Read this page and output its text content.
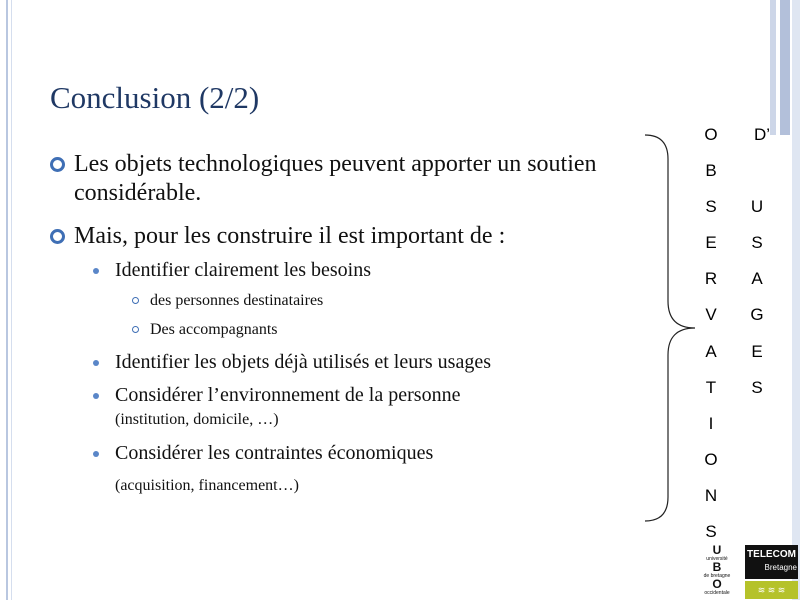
Conclusion (2/2)
Les objets technologiques peuvent apporter un soutien considérable.
Mais, pour les construire il est important de :
Identifier clairement les besoins
des personnes destinataires
Des accompagnants
Identifier les objets déjà utilisés et leurs usages
Considérer l’environnement de la personne
(institution, domicile, …)
Considérer les contraintes économiques
(acquisition, financement…)
O
B
S
E
R
V
A
T
I
O
N
S
D’
U
S
A
G
E
S
U
université
B
de bretagne
O
occidentale
TELECOM
Bretagne
≋ ≋ ≋
